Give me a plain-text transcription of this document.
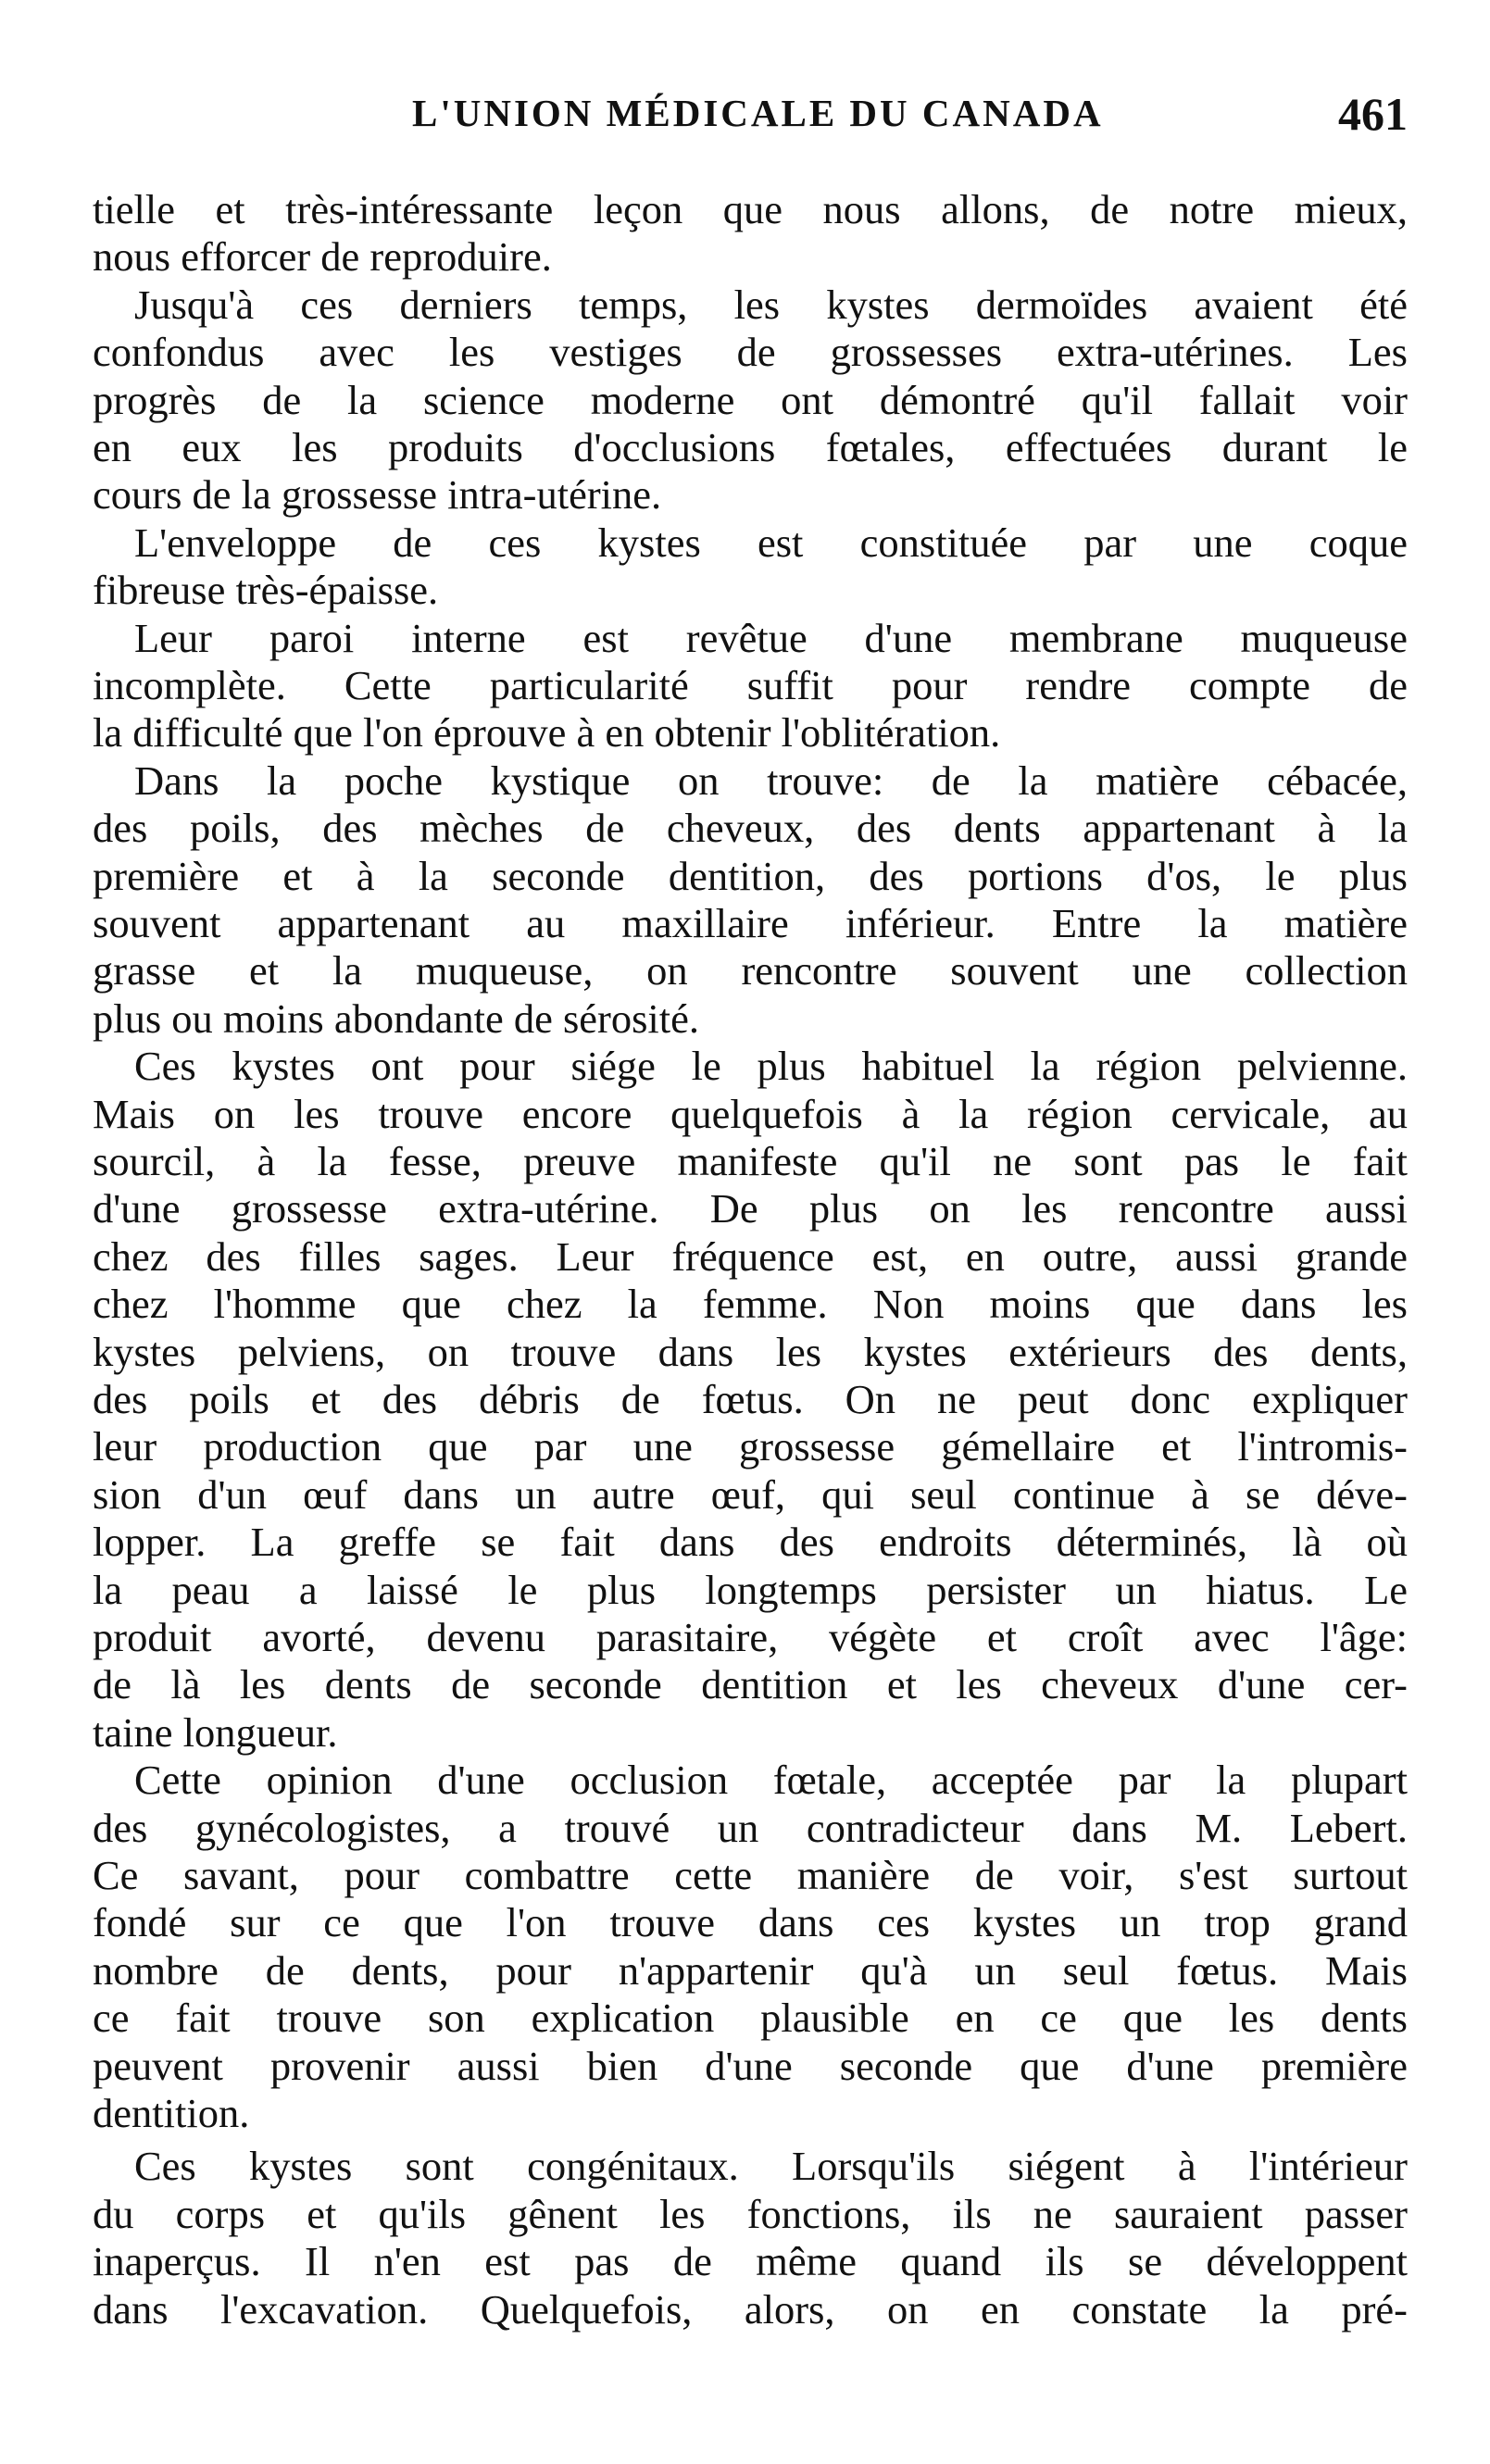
L'UNION MÉDICALE DU CANADA	461
tielle et très-intéressante leçon que nous allons, de notre mieux,
nous efforcer de reproduire.
Jusqu'à ces derniers temps, les kystes dermoïdes avaient été
confondus avec les vestiges de grossesses extra-utérines. Les
progrès de la science moderne ont démontré qu'il fallait voir
en eux les produits d'occlusions fœtales, effectuées durant le
cours de la grossesse intra-utérine.
L'enveloppe de ces kystes est constituée par une coque
fibreuse très-épaisse.
Leur paroi interne est revêtue d'une membrane muqueuse
incomplète. Cette particularité suffit pour rendre compte de
la difficulté que l'on éprouve à en obtenir l'oblitération.
Dans la poche kystique on trouve: de la matière cébacée,
des poils, des mèches de cheveux, des dents appartenant à la
première et à la seconde dentition, des portions d'os, le plus
souvent appartenant au maxillaire inférieur. Entre la matière
grasse et la muqueuse, on rencontre souvent une collection
plus ou moins abondante de sérosité.
Ces kystes ont pour siége le plus habituel la région pelvienne.
Mais on les trouve encore quelquefois à la région cervicale, au
sourcil, à la fesse, preuve manifeste qu'il ne sont pas le fait
d'une grossesse extra-utérine. De plus on les rencontre aussi
chez des filles sages. Leur fréquence est, en outre, aussi grande
chez l'homme que chez la femme. Non moins que dans les
kystes pelviens, on trouve dans les kystes extérieurs des dents,
des poils et des débris de fœtus. On ne peut donc expliquer
leur production que par une grossesse gémellaire et l'intromis-
sion d'un œuf dans un autre œuf, qui seul continue à se déve-
lopper. La greffe se fait dans des endroits déterminés, là où
la peau a laissé le plus longtemps persister un hiatus. Le
produit avorté, devenu parasitaire, végète et croît avec l'âge:
de là les dents de seconde dentition et les cheveux d'une cer-
taine longueur.
Cette opinion d'une occlusion fœtale, acceptée par la plupart
des gynécologistes, a trouvé un contradicteur dans M. Lebert.
Ce savant, pour combattre cette manière de voir, s'est surtout
fondé sur ce que l'on trouve dans ces kystes un trop grand
nombre de dents, pour n'appartenir qu'à un seul fœtus. Mais
ce fait trouve son explication plausible en ce que les dents
peuvent provenir aussi bien d'une seconde que d'une première
dentition.
Ces kystes sont congénitaux. Lorsqu'ils siégent à l'intérieur
du corps et qu'ils gênent les fonctions, ils ne sauraient passer
inaperçus. Il n'en est pas de même quand ils se développent
dans l'excavation. Quelquefois, alors, on en constate la pré-
